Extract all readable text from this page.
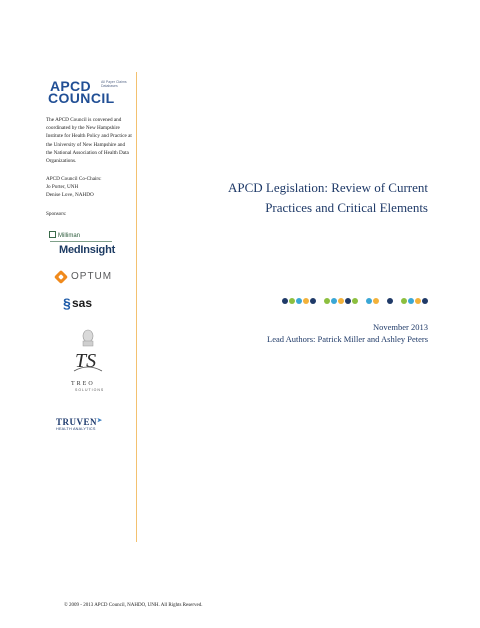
APCD
COUNCIL
All Payer Claims Databases
The APCD Council is convened and coordinated by the New Hampshire Institute for Health Policy and Practice at the University of New Hampshire and the National Association of Health Data Organizations.
APCD Council Co-Chairs:
Jo Porter, UNH
Denise Love, NAHDO
Sponsors:
Milliman
MedInsight
OPTUM
§ sas
TS
TREO
SOLUTIONS
TRUVEN➤
HEALTH ANALYTICS
APCD Legislation: Review of Current
Practices and Critical Elements
November 2013
Lead Authors: Patrick Miller and Ashley Peters
© 2009 - 2013 APCD Council, NAHDO, UNH. All Rights Reserved.
